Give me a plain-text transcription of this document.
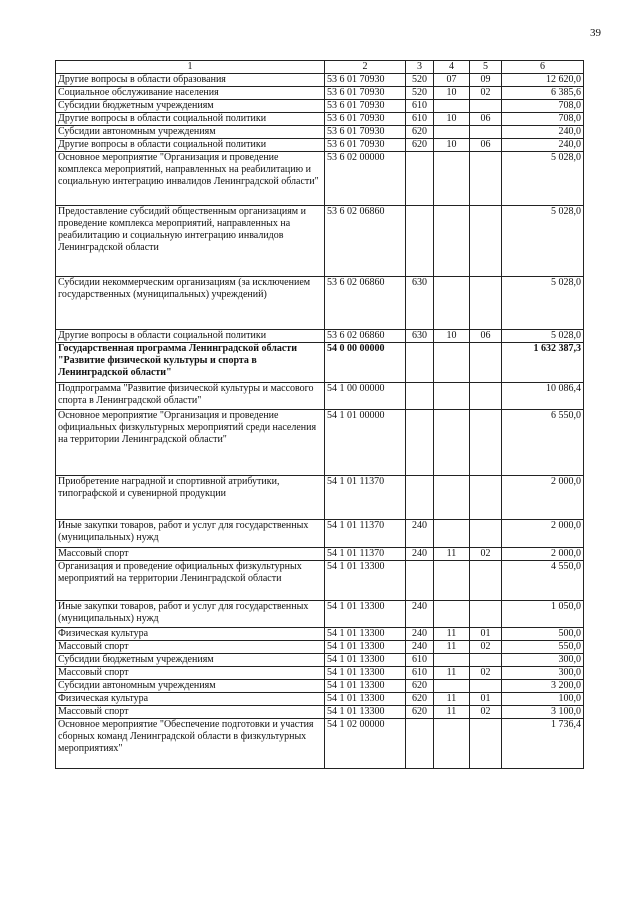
39
1	2	3	4	5	6
Другие вопросы в области образования	53 6 01 70930	520	07	09	12 620,0
Социальное обслуживание населения	53 6 01 70930	520	10	02	6 385,6
Субсидии бюджетным учреждениям	53 6 01 70930	610			708,0
Другие вопросы в области социальной политики	53 6 01 70930	610	10	06	708,0
Субсидии автономным учреждениям	53 6 01 70930	620			240,0
Другие вопросы в области социальной политики	53 6 01 70930	620	10	06	240,0
Основное мероприятие "Организация и проведение комплекса мероприятий, направленных на реабилитацию и социальную интеграцию инвалидов Ленинградской области"	53 6 02 00000				5 028,0
Предоставление субсидий общественным организациям и проведение комплекса мероприятий, направленных на реабилитацию и социальную интеграцию инвалидов Ленинградской области	53 6 02 06860				5 028,0
Субсидии некоммерческим организациям (за исключением государственных (муниципальных) учреждений)	53 6 02 06860	630			5 028,0
Другие вопросы в области социальной политики	53 6 02 06860	630	10	06	5 028,0
Государственная программа Ленинградской области "Развитие физической культуры и спорта в Ленинградской области"	54 0 00 00000				1 632 387,3
Подпрограмма "Развитие физической культуры и массового спорта в Ленинградской области"	54 1 00 00000				10 086,4
Основное мероприятие "Организация и проведение официальных физкультурных мероприятий среди населения на территории Ленинградской области"	54 1 01 00000				6 550,0
Приобретение наградной и спортивной атрибутики, типографской и сувенирной продукции	54 1 01 11370				2 000,0
Иные закупки товаров, работ и услуг для государственных (муниципальных) нужд	54 1 01 11370	240			2 000,0
Массовый спорт	54 1 01 11370	240	11	02	2 000,0
Организация и проведение официальных физкультурных мероприятий на территории Ленинградской области	54 1 01 13300				4 550,0
Иные закупки товаров, работ и услуг для государственных (муниципальных) нужд	54 1 01 13300	240			1 050,0
Физическая культура	54 1 01 13300	240	11	01	500,0
Массовый спорт	54 1 01 13300	240	11	02	550,0
Субсидии бюджетным учреждениям	54 1 01 13300	610			300,0
Массовый спорт	54 1 01 13300	610	11	02	300,0
Субсидии автономным учреждениям	54 1 01 13300	620			3 200,0
Физическая культура	54 1 01 13300	620	11	01	100,0
Массовый спорт	54 1 01 13300	620	11	02	3 100,0
Основное мероприятие "Обеспечение подготовки и участия сборных команд Ленинградской области в физкультурных мероприятиях"	54 1 02 00000				1 736,4
